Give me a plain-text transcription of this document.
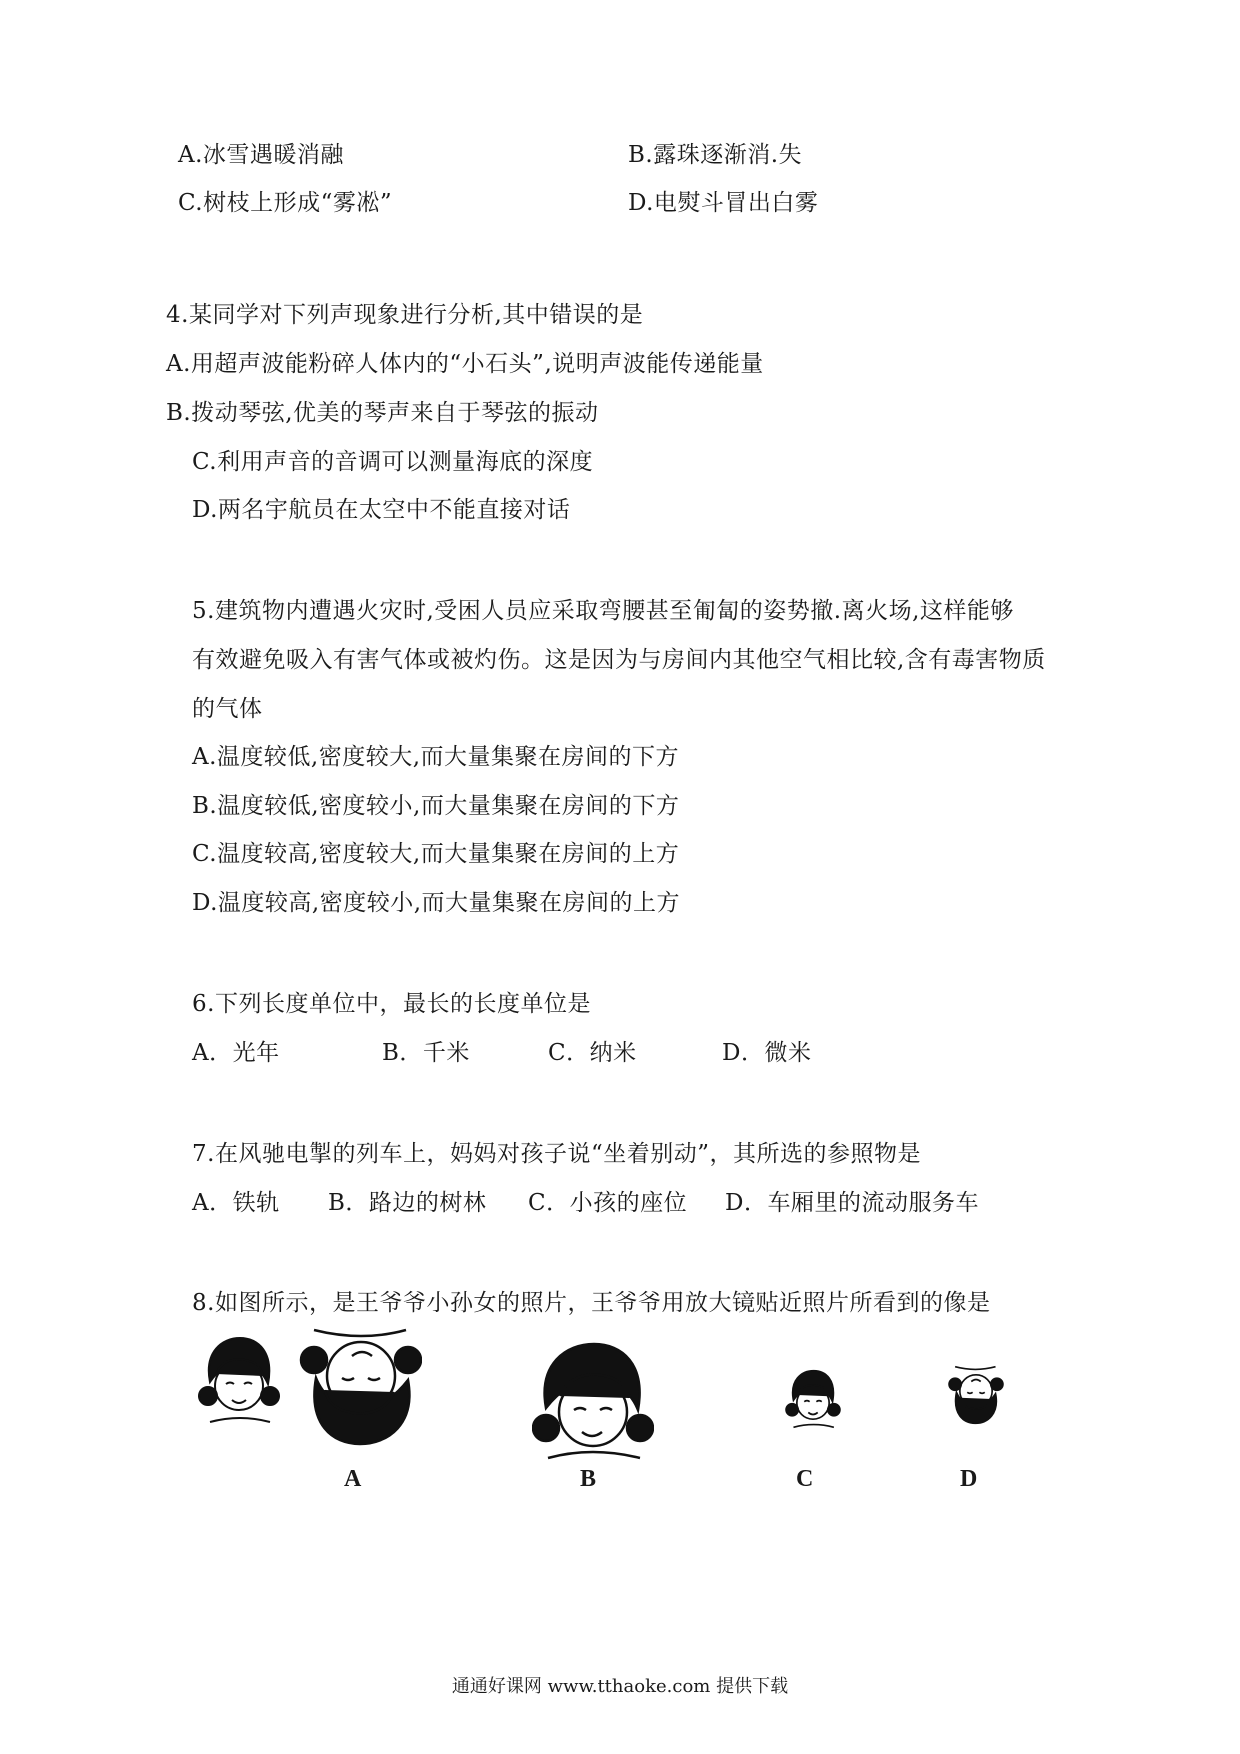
A.冰雪遇暖消融	B.露珠逐渐消.失
C.树枝上形成“雾凇”	D.电熨斗冒出白雾
4.某同学对下列声现象进行分析,其中错误的是
A.用超声波能粉碎人体内的“小石头”,说明声波能传递能量
B.拨动琴弦,优美的琴声来自于琴弦的振动
C.利用声音的音调可以测量海底的深度
D.两名宇航员在太空中不能直接对话
5.建筑物内遭遇火灾时,受困人员应采取弯腰甚至匍匐的姿势撤.离火场,这样能够
有效避免吸入有害气体或被灼伤。这是因为与房间内其他空气相比较,含有毒害物质
的气体
A.温度较低,密度较大,而大量集聚在房间的下方
B.温度较低,密度较小,而大量集聚在房间的下方
C.温度较高,密度较大,而大量集聚在房间的上方
D.温度较高,密度较小,而大量集聚在房间的上方
6.下列长度单位中，最长的长度单位是
A．光年	B．千米	C．纳米	D．微米
7.在风驰电掣的列车上，妈妈对孩子说“坐着别动”，其所选的参照物是
A．铁轨 B．路边的树林 C．小孩的座位 D．车厢里的流动服务车
8.如图所示，是王爷爷小孙女的照片，王爷爷用放大镜贴近照片所看到的像是
A	B	C	D
通通好课网 www.tthaoke.com 提供下载
